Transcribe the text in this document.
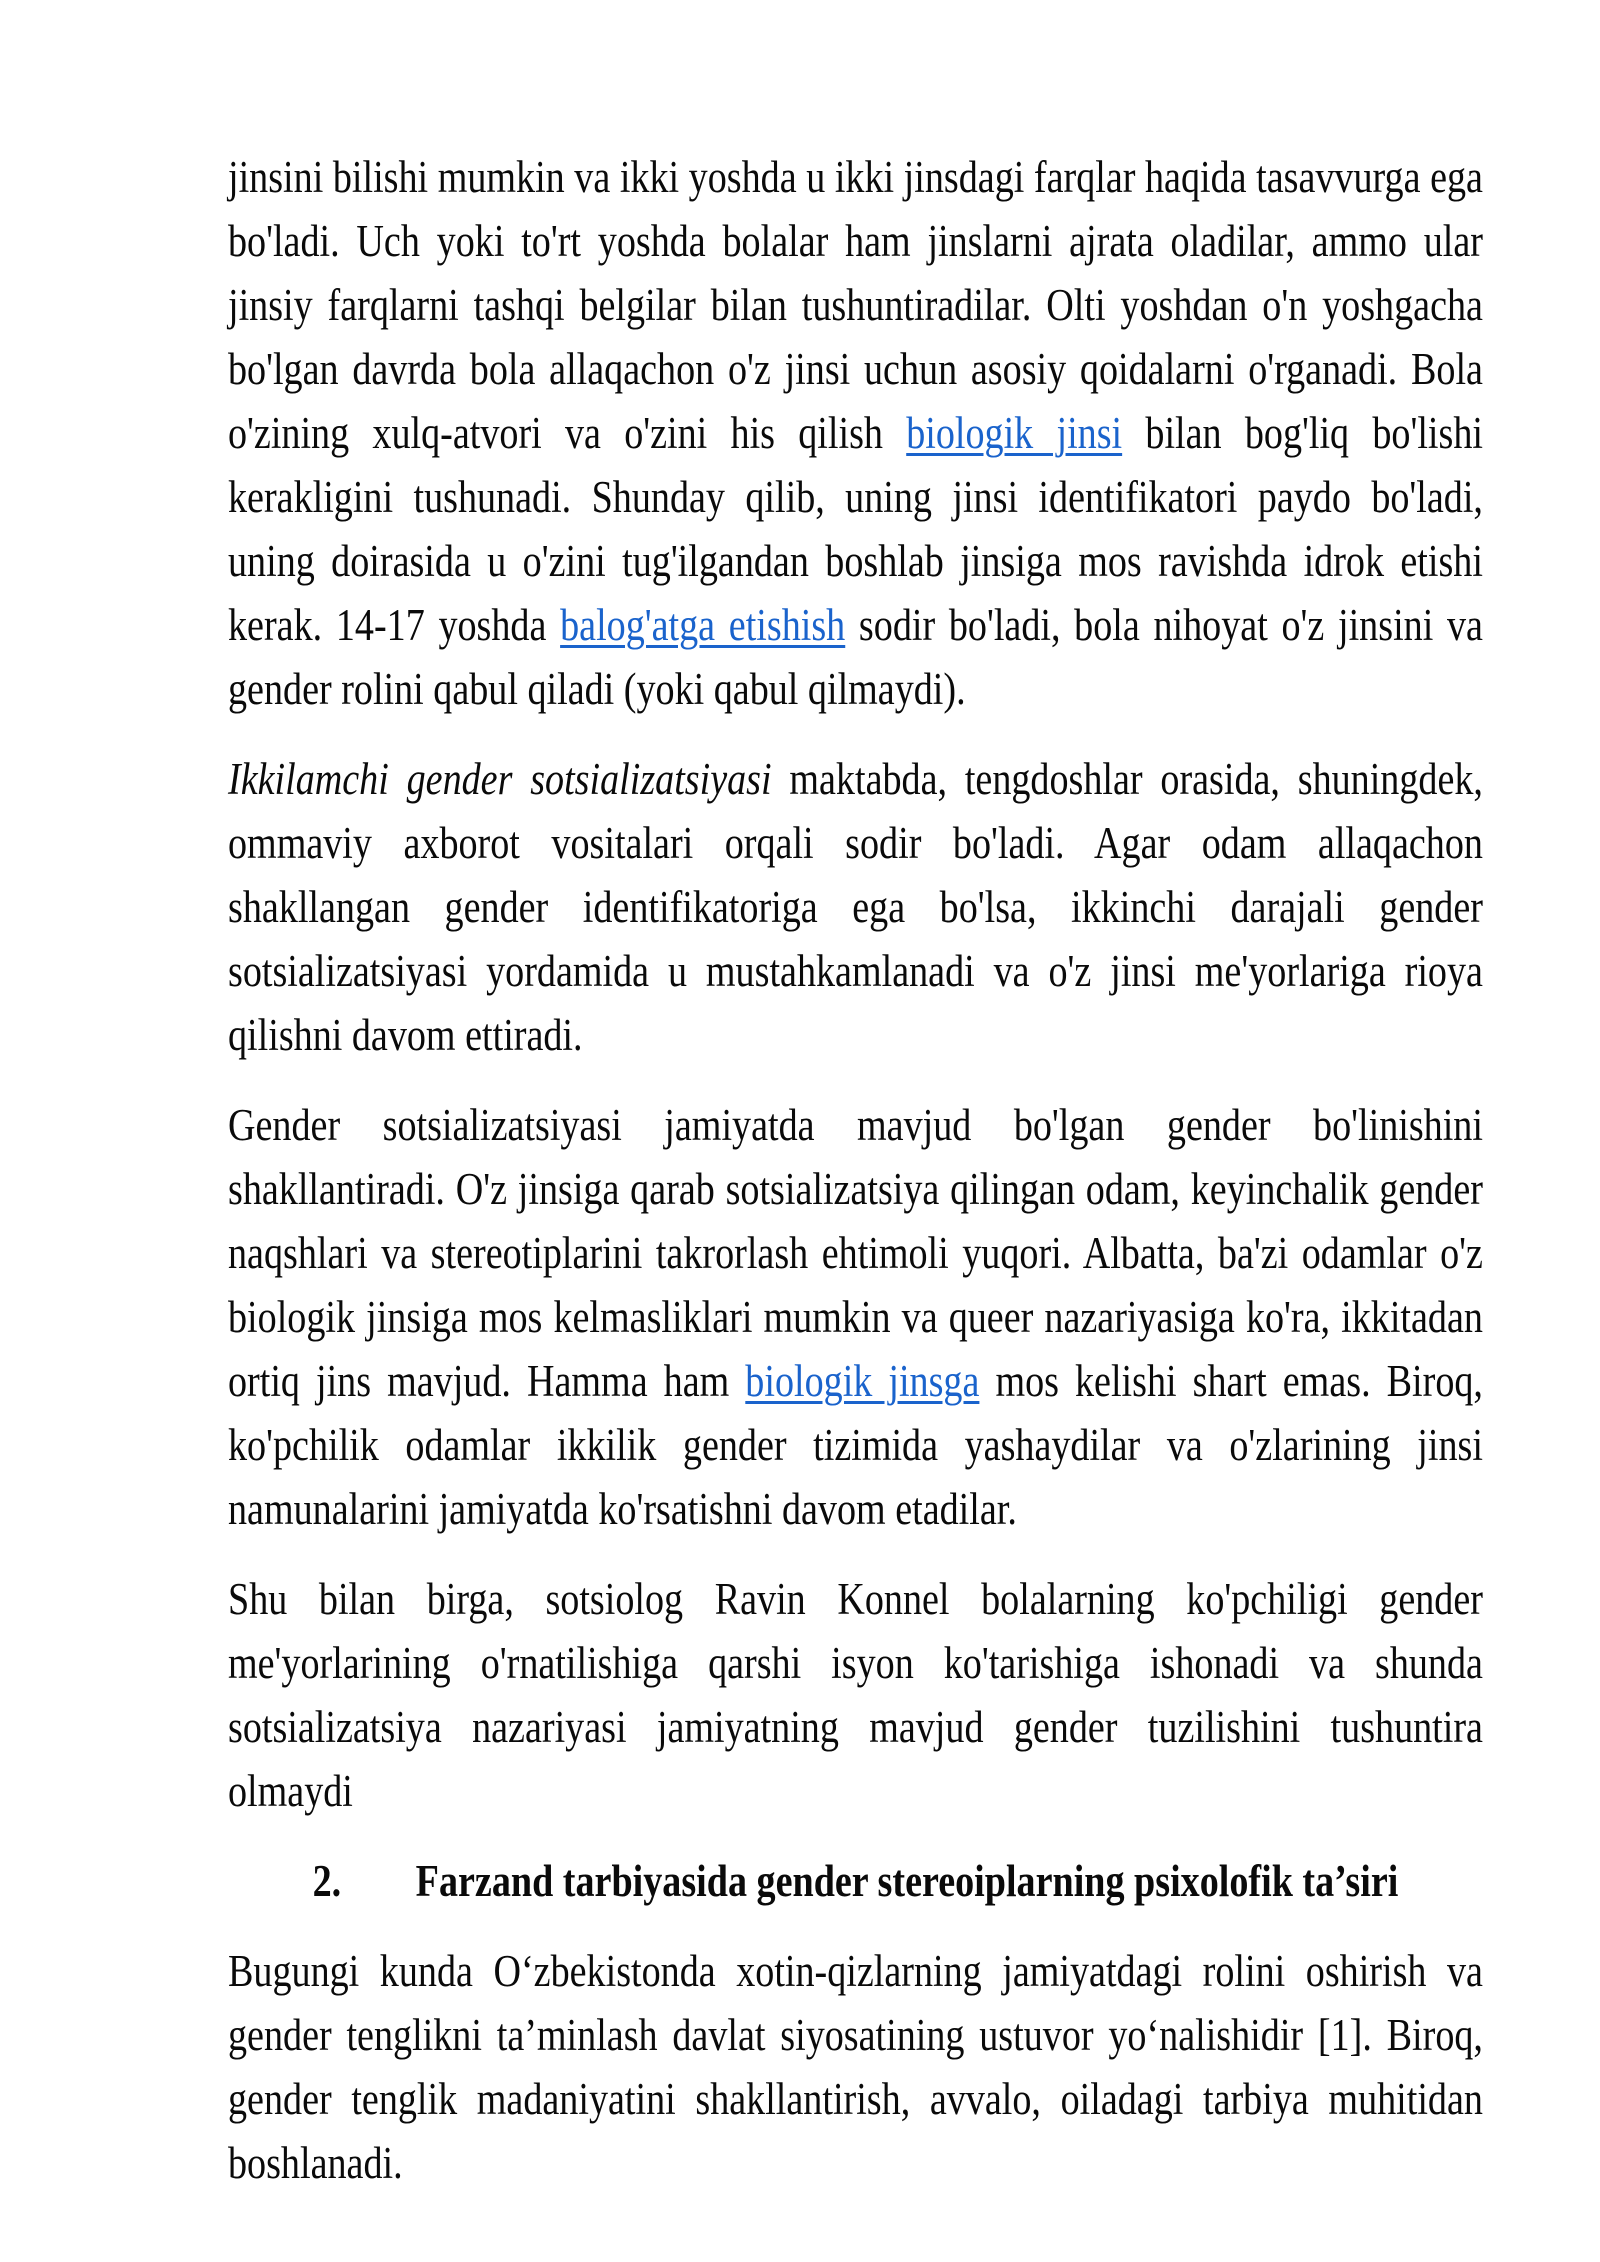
jinsini bilishi mumkin va ikki yoshda u ikki jinsdagi farqlar haqida tasavvurga ega bo'ladi. Uch yoki to'rt yoshda bolalar ham jinslarni ajrata oladilar, ammo ular jinsiy farqlarni tashqi belgilar bilan tushuntiradilar. Olti yoshdan o'n yoshgacha bo'lgan davrda bola allaqachon o'z jinsi uchun asosiy qoidalarni o'rganadi. Bola o'zining xulq-atvori va o'zini his qilish biologik jinsi bilan bog'liq bo'lishi kerakligini tushunadi. Shunday qilib, uning jinsi identifikatori paydo bo'ladi, uning doirasida u o'zini tug'ilgandan boshlab jinsiga mos ravishda idrok etishi kerak. 14-17 yoshda balog'atga etishish sodir bo'ladi, bola nihoyat o'z jinsini va gender rolini qabul qiladi (yoki qabul qilmaydi).

Ikkilamchi gender sotsializatsiyasi maktabda, tengdoshlar orasida, shuningdek, ommaviy axborot vositalari orqali sodir bo'ladi. Agar odam allaqachon shakllangan gender identifikatoriga ega bo'lsa, ikkinchi darajali gender sotsializatsiyasi yordamida u mustahkamlanadi va o'z jinsi me'yorlariga rioya qilishni davom ettiradi.

Gender sotsializatsiyasi jamiyatda mavjud bo'lgan gender bo'linishini shakllantiradi. O'z jinsiga qarab sotsializatsiya qilingan odam, keyinchalik gender naqshlari va stereotiplarini takrorlash ehtimoli yuqori. Albatta, ba'zi odamlar o'z biologik jinsiga mos kelmasliklari mumkin va queer nazariyasiga ko'ra, ikkitadan ortiq jins mavjud. Hamma ham biologik jinsga mos kelishi shart emas. Biroq, ko'pchilik odamlar ikkilik gender tizimida yashaydilar va o'zlarining jinsi namunalarini jamiyatda ko'rsatishni davom etadilar.

Shu bilan birga, sotsiolog Ravin Konnel bolalarning ko'pchiligi gender me'yorlarining o'rnatilishiga qarshi isyon ko'tarishiga ishonadi va shunda sotsializatsiya nazariyasi jamiyatning mavjud gender tuzilishini tushuntira olmaydi

2. Farzand tarbiyasida gender stereoiplarning psixolofik ta’siri

Bugungi kunda O‘zbekistonda xotin-qizlarning jamiyatdagi rolini oshirish va gender tenglikni ta’minlash davlat siyosatining ustuvor yo‘nalishidir [1]. Biroq, gender tenglik madaniyatini shakllantirish, avvalo, oiladagi tarbiya muhitidan boshlanadi.
